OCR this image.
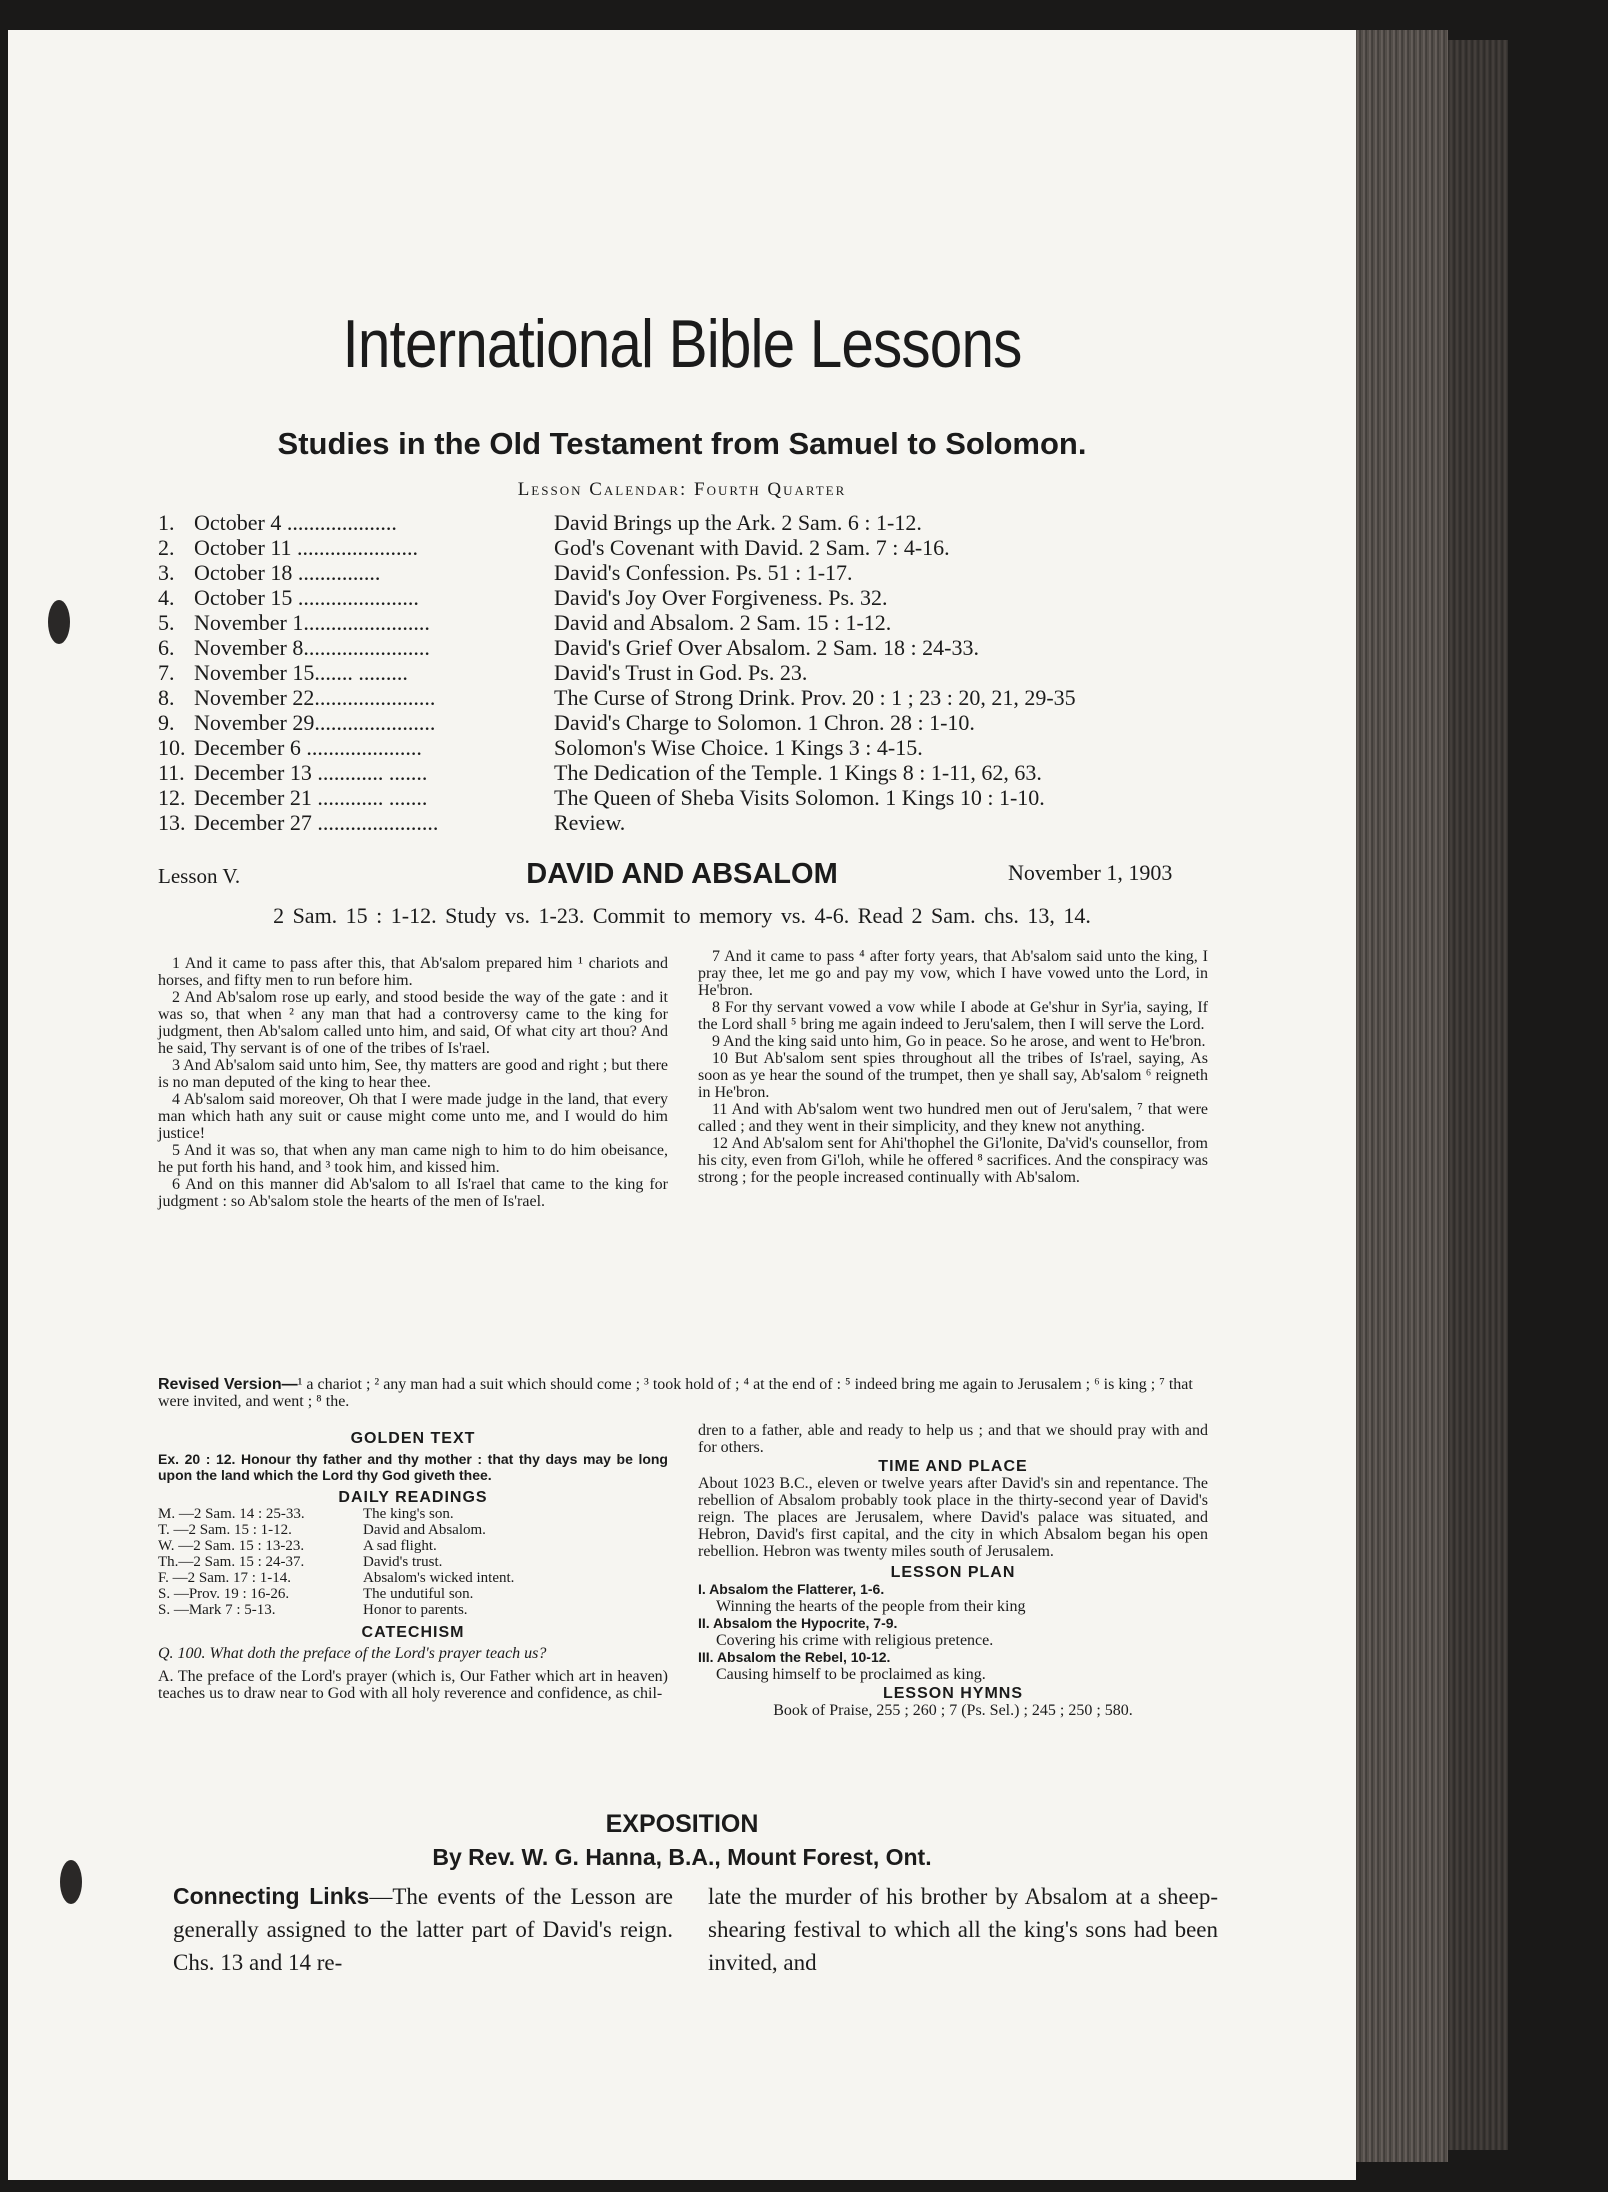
International Bible Lessons
Studies in the Old Testament from Samuel to Solomon.
Lesson Calendar: Fourth Quarter
1. October 4 ....................	David Brings up the Ark. 2 Sam. 6 : 1-12.
2. October 11 ......................	God's Covenant with David. 2 Sam. 7 : 4-16.
3. October 18 ...............	David's Confession. Ps. 51 : 1-17.
4. October 15 ......................	David's Joy Over Forgiveness. Ps. 32.
5. November 1.......................	David and Absalom. 2 Sam. 15 : 1-12.
6. November 8.......................	David's Grief Over Absalom. 2 Sam. 18 : 24-33.
7. November 15....... .........	David's Trust in God. Ps. 23.
8. November 22......................	The Curse of Strong Drink. Prov. 20 : 1 ; 23 : 20, 21, 29-35
9. November 29......................	David's Charge to Solomon. 1 Chron. 28 : 1-10.
10. December 6 .....................	Solomon's Wise Choice. 1 Kings 3 : 4-15.
11. December 13 ............ .......	The Dedication of the Temple. 1 Kings 8 : 1-11, 62, 63.
12. December 21 ............ .......	The Queen of Sheba Visits Solomon. 1 Kings 10 : 1-10.
13. December 27 ......................	Review.
Lesson V.	DAVID AND ABSALOM	November 1, 1903
2 Sam. 15 : 1-12. Study vs. 1-23. Commit to memory vs. 4-6. Read 2 Sam. chs. 13, 14.

1 And it came to pass after this, that Ab'salom prepared him ¹ chariots and horses, and fifty men to run before him.

2 And Ab'salom rose up early, and stood beside the way of the gate : and it was so, that when ² any man that had a controversy came to the king for judgment, then Ab'salom called unto him, and said, Of what city art thou? And he said, Thy servant is of one of the tribes of Is'rael.

3 And Ab'salom said unto him, See, thy matters are good and right ; but there is no man deputed of the king to hear thee.

4 Ab'salom said moreover, Oh that I were made judge in the land, that every man which hath any suit or cause might come unto me, and I would do him justice!

5 And it was so, that when any man came nigh to him to do him obeisance, he put forth his hand, and ³ took him, and kissed him.

6 And on this manner did Ab'salom to all Is'rael that came to the king for judgment : so Ab'salom stole the hearts of the men of Is'rael.

7 And it came to pass ⁴ after forty years, that Ab'salom said unto the king, I pray thee, let me go and pay my vow, which I have vowed unto the Lord, in He'bron.

8 For thy servant vowed a vow while I abode at Ge'shur in Syr'ia, saying, If the Lord shall ⁵ bring me again indeed to Jeru'salem, then I will serve the Lord.

9 And the king said unto him, Go in peace. So he arose, and went to He'bron.

10 But Ab'salom sent spies throughout all the tribes of Is'rael, saying, As soon as ye hear the sound of the trumpet, then ye shall say, Ab'salom ⁶ reigneth in He'bron.

11 And with Ab'salom went two hundred men out of Jeru'salem, ⁷ that were called ; and they went in their simplicity, and they knew not anything.

12 And Ab'salom sent for Ahi'thophel the Gi'lonite, Da'vid's counsellor, from his city, even from Gi'loh, while he offered ⁸ sacrifices. And the conspiracy was strong ; for the people increased continually with Ab'salom.

Revised Version—¹ a chariot ; ² any man had a suit which should come ; ³ took hold of ; ⁴ at the end of : ⁵ indeed bring me again to Jerusalem ; ⁶ is king ; ⁷ that were invited, and went ; ⁸ the.
GOLDEN TEXT

Ex. 20 : 12. Honour thy father and thy mother : that thy days may be long upon the land which the Lord thy God giveth thee.

DAILY READINGS
M. —2 Sam. 14 : 25-33.	The king's son.
T. —2 Sam. 15 : 1-12.	David and Absalom.
W. —2 Sam. 15 : 13-23.	A sad flight.
Th.—2 Sam. 15 : 24-37.	David's trust.
F. —2 Sam. 17 : 1-14.	Absalom's wicked intent.
S. —Prov. 19 : 16-26.	The undutiful son.
S. —Mark 7 : 5-13.	Honor to parents.
CATECHISM

Q. 100. What doth the preface of the Lord's prayer teach us?

A. The preface of the Lord's prayer (which is, Our Father which art in heaven) teaches us to draw near to God with all holy reverence and confidence, as chil-

dren to a father, able and ready to help us ; and that we should pray with and for others.

TIME AND PLACE

About 1023 B.C., eleven or twelve years after David's sin and repentance. The rebellion of Absalom probably took place in the thirty-second year of David's reign. The places are Jerusalem, where David's palace was situated, and Hebron, David's first capital, and the city in which Absalom began his open rebellion. Hebron was twenty miles south of Jerusalem.

LESSON PLAN
I. Absalom the Flatterer, 1-6.
Winning the hearts of the people from their king
II. Absalom the Hypocrite, 7-9.
Covering his crime with religious pretence.
III. Absalom the Rebel, 10-12.
Causing himself to be proclaimed as king.
LESSON HYMNS

Book of Praise, 255 ; 260 ; 7 (Ps. Sel.) ; 245 ; 250 ; 580.

EXPOSITION
By Rev. W. G. Hanna, B.A., Mount Forest, Ont.
Connecting Links—The events of the Lesson are generally assigned to the latter part of David's reign. Chs. 13 and 14 re-
late the murder of his brother by Absalom at a sheep-shearing festival to which all the king's sons had been invited, and
